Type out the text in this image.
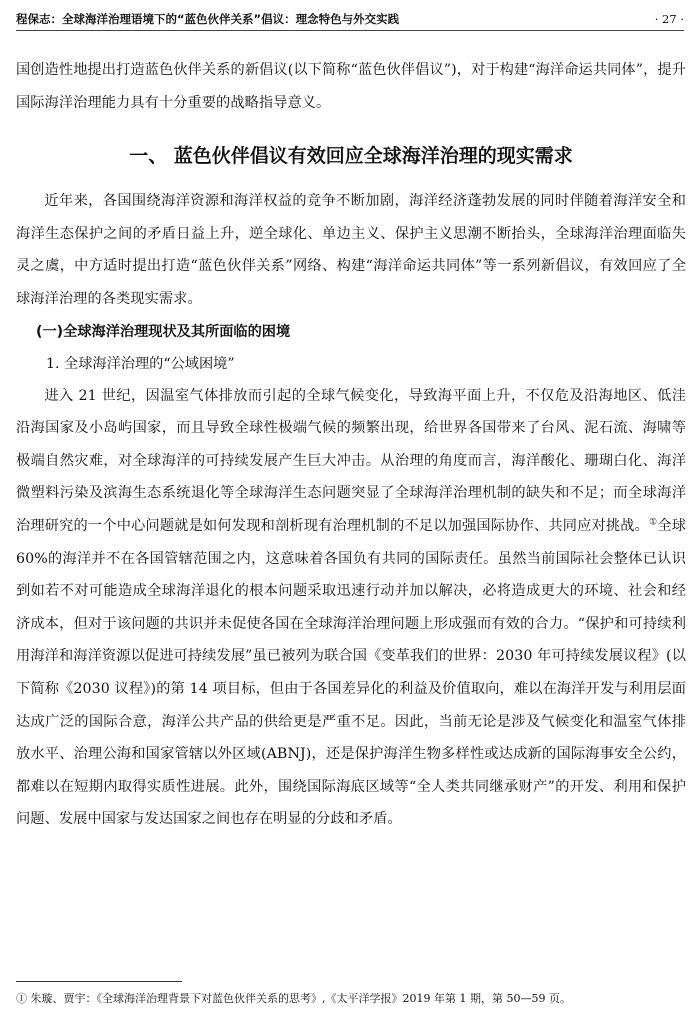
程保志：全球海洋治理语境下的“蓝色伙伴关系”倡议：理念特色与外交实践	· 27 ·

国创造性地提出打造蓝色伙伴关系的新倡议(以下简称“蓝色伙伴倡议”)，对于构建“海洋命运共同体”，提升国际海洋治理能力具有十分重要的战略指导意义。

一、 蓝色伙伴倡议有效回应全球海洋治理的现实需求

近年来，各国围绕海洋资源和海洋权益的竞争不断加剧，海洋经济蓬勃发展的同时伴随着海洋安全和海洋生态保护之间的矛盾日益上升，逆全球化、单边主义、保护主义思潮不断抬头，全球海洋治理面临失灵之虞，中方适时提出打造“蓝色伙伴关系”网络、构建“海洋命运共同体”等一系列新倡议，有效回应了全球海洋治理的各类现实需求。

(一)全球海洋治理现状及其所面临的困境
1. 全球海洋治理的“公域困境”

进入 21 世纪，因温室气体排放而引起的全球气候变化，导致海平面上升，不仅危及沿海地区、低洼沿海国家及小岛屿国家，而且导致全球性极端气候的频繁出现，给世界各国带来了台风、泥石流、海啸等极端自然灾难，对全球海洋的可持续发展产生巨大冲击。从治理的角度而言，海洋酸化、珊瑚白化、海洋微塑料污染及滨海生态系统退化等全球海洋生态问题突显了全球海洋治理机制的缺失和不足；而全球海洋治理研究的一个中心问题就是如何发现和剖析现有治理机制的不足以加强国际协作、共同应对挑战。①全球 60%的海洋并不在各国管辖范围之内，这意味着各国负有共同的国际责任。虽然当前国际社会整体已认识到如若不对可能造成全球海洋退化的根本问题采取迅速行动并加以解决，必将造成更大的环境、社会和经济成本，但对于该问题的共识并未促使各国在全球海洋治理问题上形成强而有效的合力。“保护和可持续利用海洋和海洋资源以促进可持续发展”虽已被列为联合国《变革我们的世界：2030 年可持续发展议程》(以下简称《2030 议程》)的第 14 项目标，但由于各国差异化的利益及价值取向，难以在海洋开发与利用层面达成广泛的国际合意，海洋公共产品的供给更是严重不足。因此，当前无论是涉及气候变化和温室气体排放水平、治理公海和国家管辖以外区域(ABNJ)，还是保护海洋生物多样性或达成新的国际海事安全公约，都难以在短期内取得实质性进展。此外，围绕国际海底区域等“全人类共同继承财产”的开发、利用和保护问题、发展中国家与发达国家之间也存在明显的分歧和矛盾。

① 朱璇、贾宇：《全球海洋治理背景下对蓝色伙伴关系的思考》,《太平洋学报》2019 年第 1 期，第 50—59 页。
